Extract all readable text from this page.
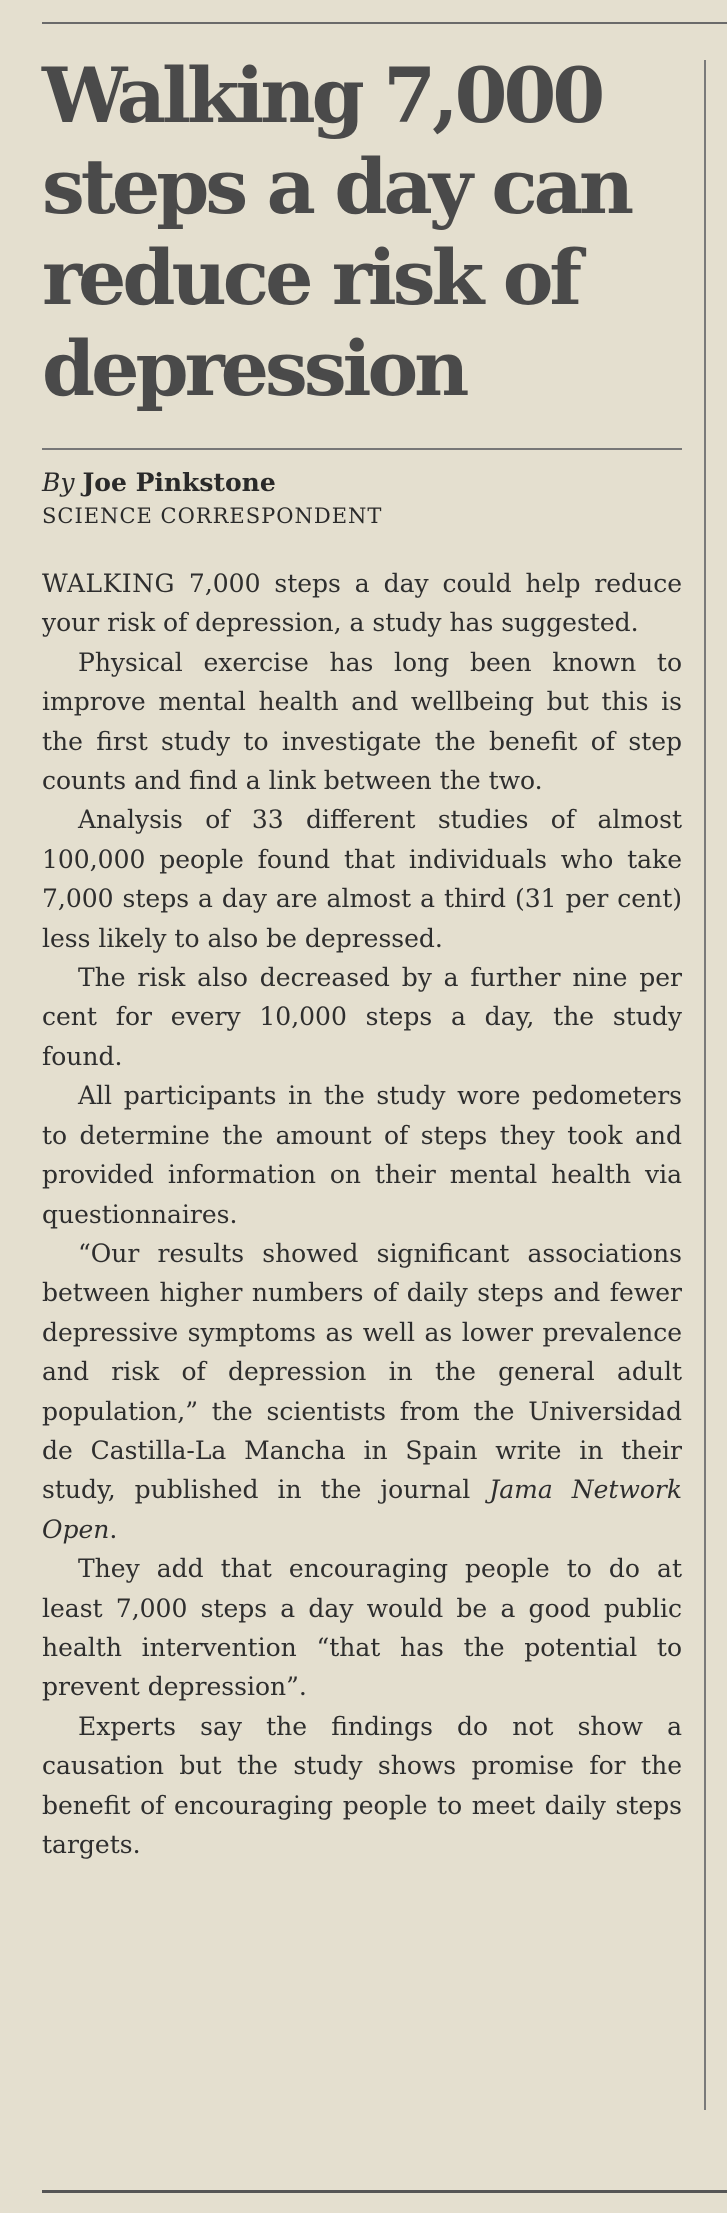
Walking 7,000 steps a day can reduce risk of depression
By Joe Pinkstone
SCIENCE CORRESPONDENT

WALKING 7,000 steps a day could help reduce your risk of depression, a study has suggested.

Physical exercise has long been known to improve mental health and wellbeing but this is the first study to investigate the benefit of step counts and find a link between the two.

Analysis of 33 different studies of almost 100,000 people found that individuals who take 7,000 steps a day are almost a third (31 per cent) less likely to also be depressed.

The risk also decreased by a further nine per cent for every 10,000 steps a day, the study found.

All participants in the study wore pedometers to determine the amount of steps they took and provided information on their mental health via questionnaires.

“Our results showed significant associations between higher numbers of daily steps and fewer depressive symptoms as well as lower prevalence and risk of depression in the general adult population,” the scientists from the Universidad de Castilla-La Mancha in Spain write in their study, published in the journal Jama Network Open.

They add that encouraging people to do at least 7,000 steps a day would be a good public health intervention “that has the potential to prevent depression”.

Experts say the findings do not show a causation but the study shows promise for the benefit of encouraging people to meet daily steps targets.
